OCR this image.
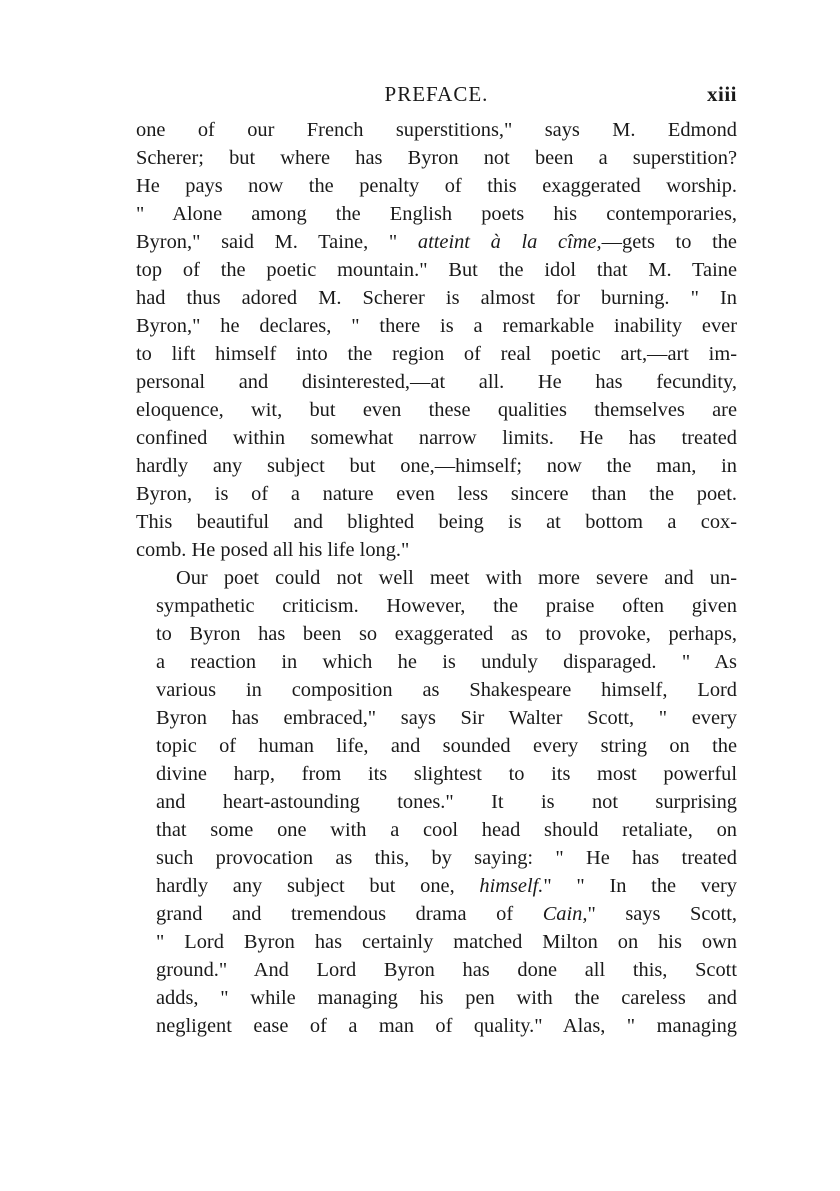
PREFACE.	xiii
one of our French superstitions," says M. Edmond
Scherer; but where has Byron not been a superstition?
He pays now the penalty of this exaggerated worship.
" Alone among the English poets his contemporaries,
Byron," said M. Taine, " atteint à la cîme,—gets to the
top of the poetic mountain." But the idol that M. Taine
had thus adored M. Scherer is almost for burning. " In
Byron," he declares, " there is a remarkable inability ever
to lift himself into the region of real poetic art,—art im-
personal and disinterested,—at all. He has fecundity,
eloquence, wit, but even these qualities themselves are
confined within somewhat narrow limits. He has treated
hardly any subject but one,—himself; now the man, in
Byron, is of a nature even less sincere than the poet.
This beautiful and blighted being is at bottom a cox-
comb. He posed all his life long."
Our poet could not well meet with more severe and un-
sympathetic criticism. However, the praise often given
to Byron has been so exaggerated as to provoke, perhaps,
a reaction in which he is unduly disparaged. " As
various in composition as Shakespeare himself, Lord
Byron has embraced," says Sir Walter Scott, " every
topic of human life, and sounded every string on the
divine harp, from its slightest to its most powerful
and heart-astounding tones." It is not surprising
that some one with a cool head should retaliate, on
such provocation as this, by saying: " He has treated
hardly any subject but one, himself." " In the very
grand and tremendous drama of Cain," says Scott,
" Lord Byron has certainly matched Milton on his own
ground." And Lord Byron has done all this, Scott
adds, " while managing his pen with the careless and
negligent ease of a man of quality." Alas, " managing
